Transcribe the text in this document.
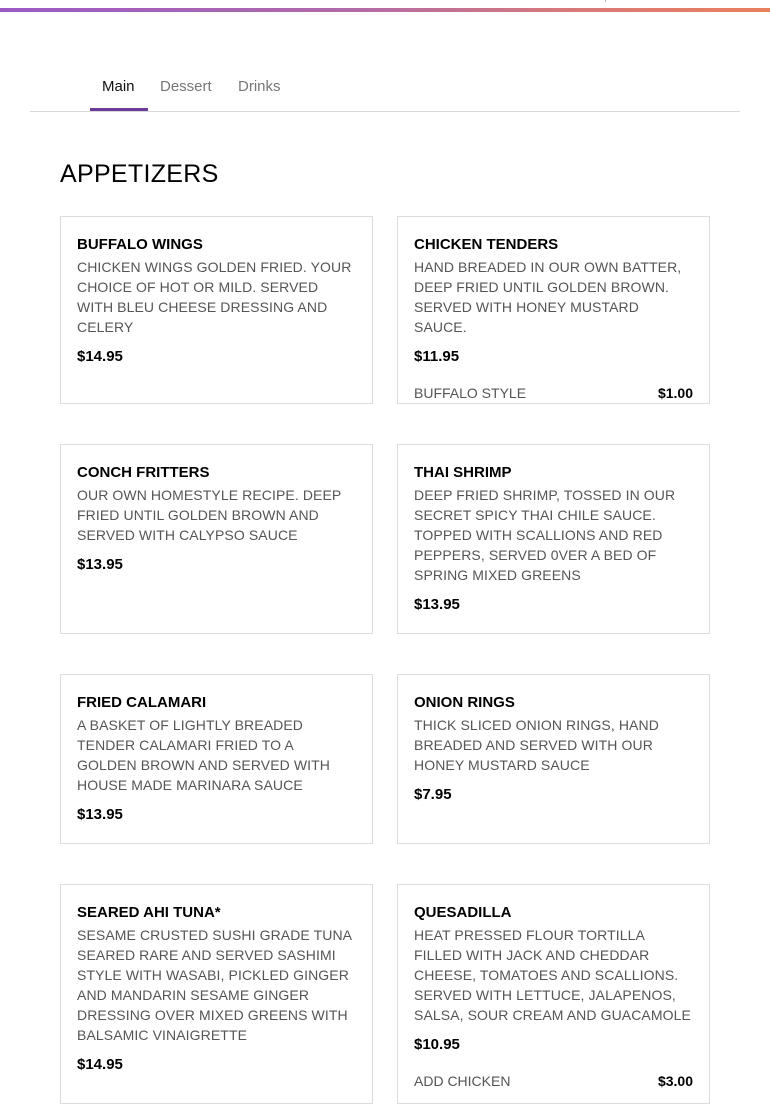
Main Dessert Drinks
APPETIZERS
BUFFALO WINGS
CHICKEN WINGS GOLDEN FRIED. YOUR CHOICE OF HOT OR MILD. SERVED WITH BLEU CHEESE DRESSING AND CELERY
$14.95
CHICKEN TENDERS
HAND BREADED IN OUR OWN BATTER, DEEP FRIED UNTIL GOLDEN BROWN. SERVED WITH HONEY MUSTARD SAUCE.
$11.95
BUFFALO STYLE	$1.00
CONCH FRITTERS
OUR OWN HOMESTYLE RECIPE. DEEP FRIED UNTIL GOLDEN BROWN AND SERVED WITH CALYPSO SAUCE
$13.95
THAI SHRIMP
DEEP FRIED SHRIMP, TOSSED IN OUR SECRET SPICY THAI CHILE SAUCE. TOPPED WITH SCALLIONS AND RED PEPPERS, SERVED 0VER A BED OF SPRING MIXED GREENS
$13.95
FRIED CALAMARI
A BASKET OF LIGHTLY BREADED TENDER CALAMARI FRIED TO A GOLDEN BROWN AND SERVED WITH HOUSE MADE MARINARA SAUCE
$13.95
ONION RINGS
THICK SLICED ONION RINGS, HAND BREADED AND SERVED WITH OUR HONEY MUSTARD SAUCE
$7.95
SEARED AHI TUNA*
SESAME CRUSTED SUSHI GRADE TUNA SEARED RARE AND SERVED SASHIMI STYLE WITH WASABI, PICKLED GINGER AND MANDARIN SESAME GINGER DRESSING OVER MIXED GREENS WITH BALSAMIC VINAIGRETTE
$14.95
QUESADILLA
HEAT PRESSED FLOUR TORTILLA FILLED WITH JACK AND CHEDDAR CHEESE, TOMATOES AND SCALLIONS. SERVED WITH LETTUCE, JALAPENOS, SALSA, SOUR CREAM AND GUACAMOLE
$10.95
ADD CHICKEN	$3.00
